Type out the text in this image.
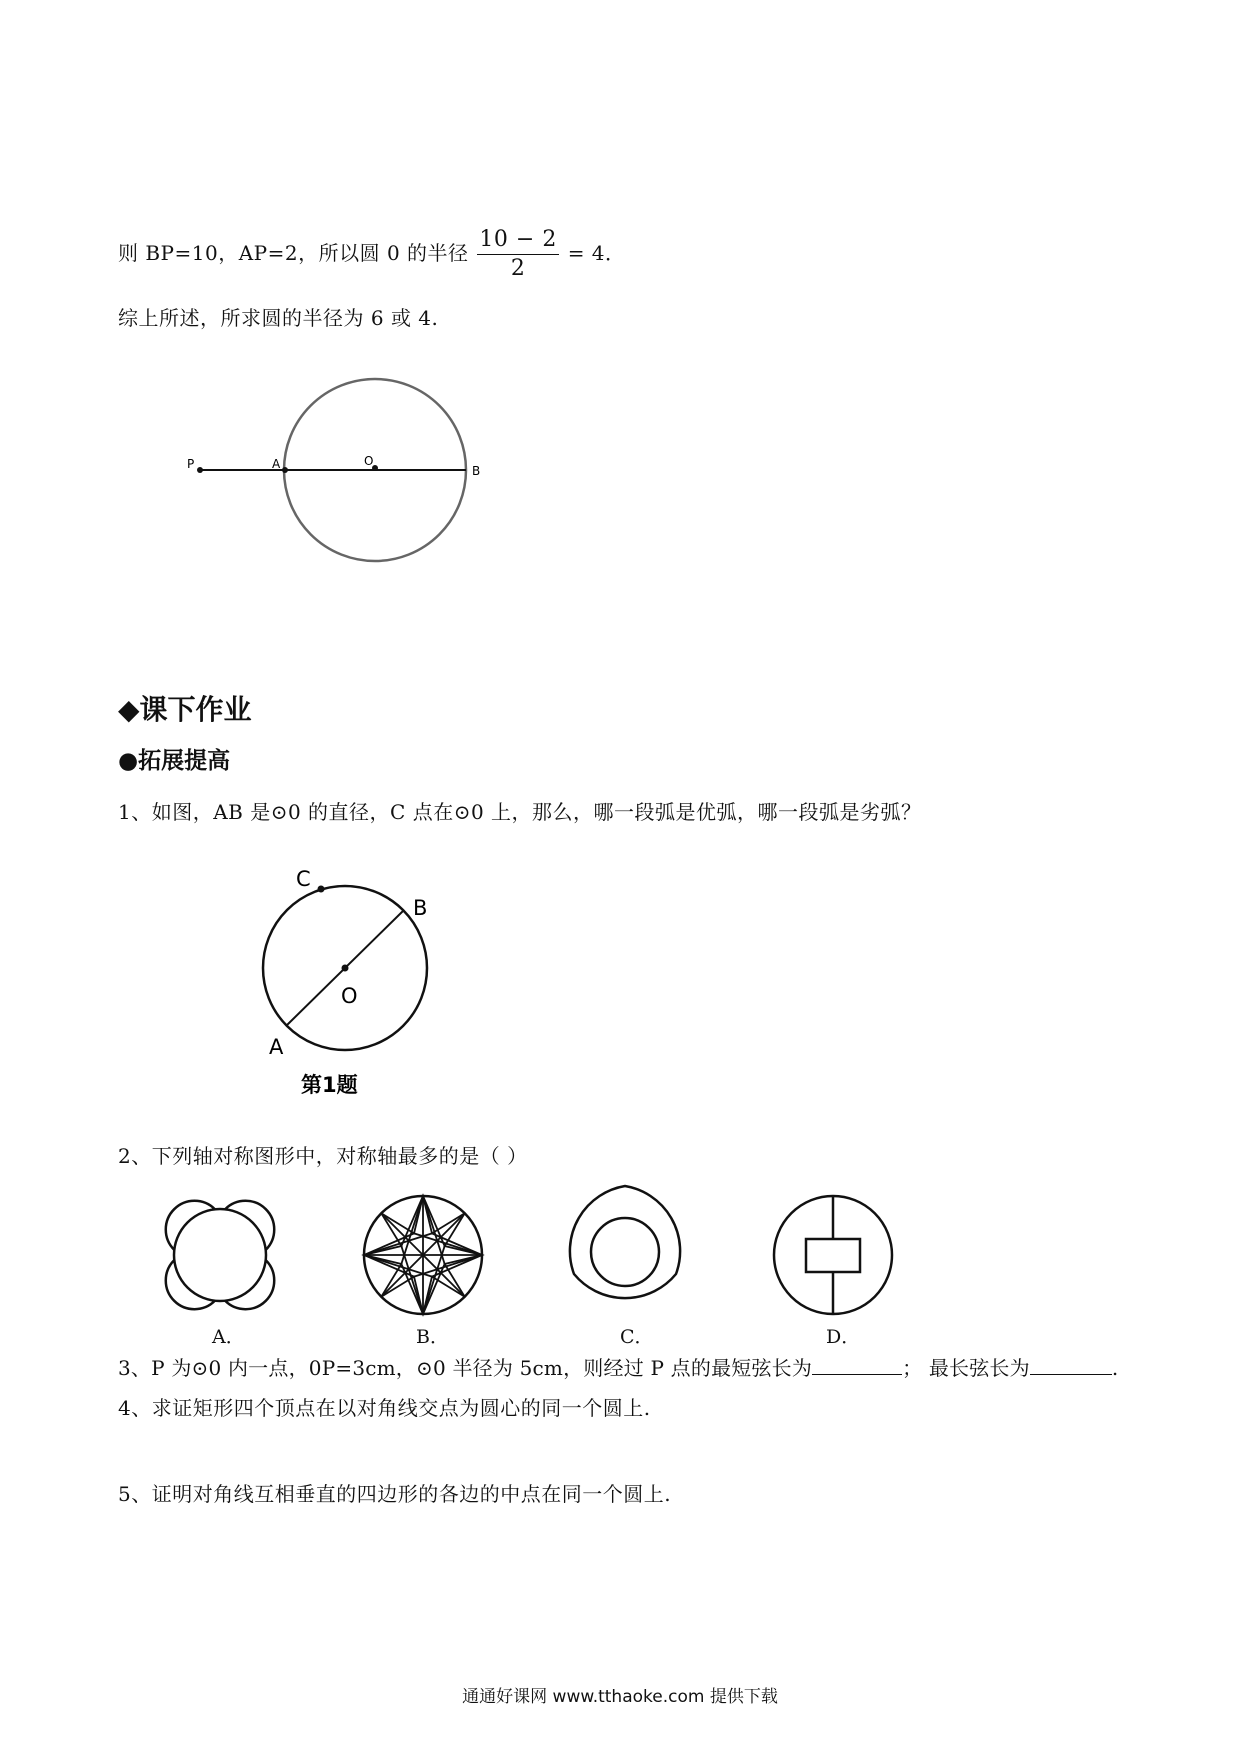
则 BP=10，AP=2，所以圆 0 的半径 $\frac{10 - 2}{2} = 4$．
综上所述，所求圆的半径为 6 或 4.
P	A	O
B
◆课下作业
●拓展提高
1、如图，AB 是⊙0 的直径，C 点在⊙0 上，那么，哪一段弧是优弧，哪一段弧是劣弧？
C
B
O
A
第1题
2、下列轴对称图形中，对称轴最多的是（ ）
A．	B．	C．	D．
3、P 为⊙0 内一点，0P=3cm，⊙0 半径为 5cm，则经过 P 点的最短弦长为	； 最长弦长为	.
4、求证矩形四个顶点在以对角线交点为圆心的同一个圆上.
5、证明对角线互相垂直的四边形的各边的中点在同一个圆上.
通通好课网 www.tthaoke.com 提供下载
